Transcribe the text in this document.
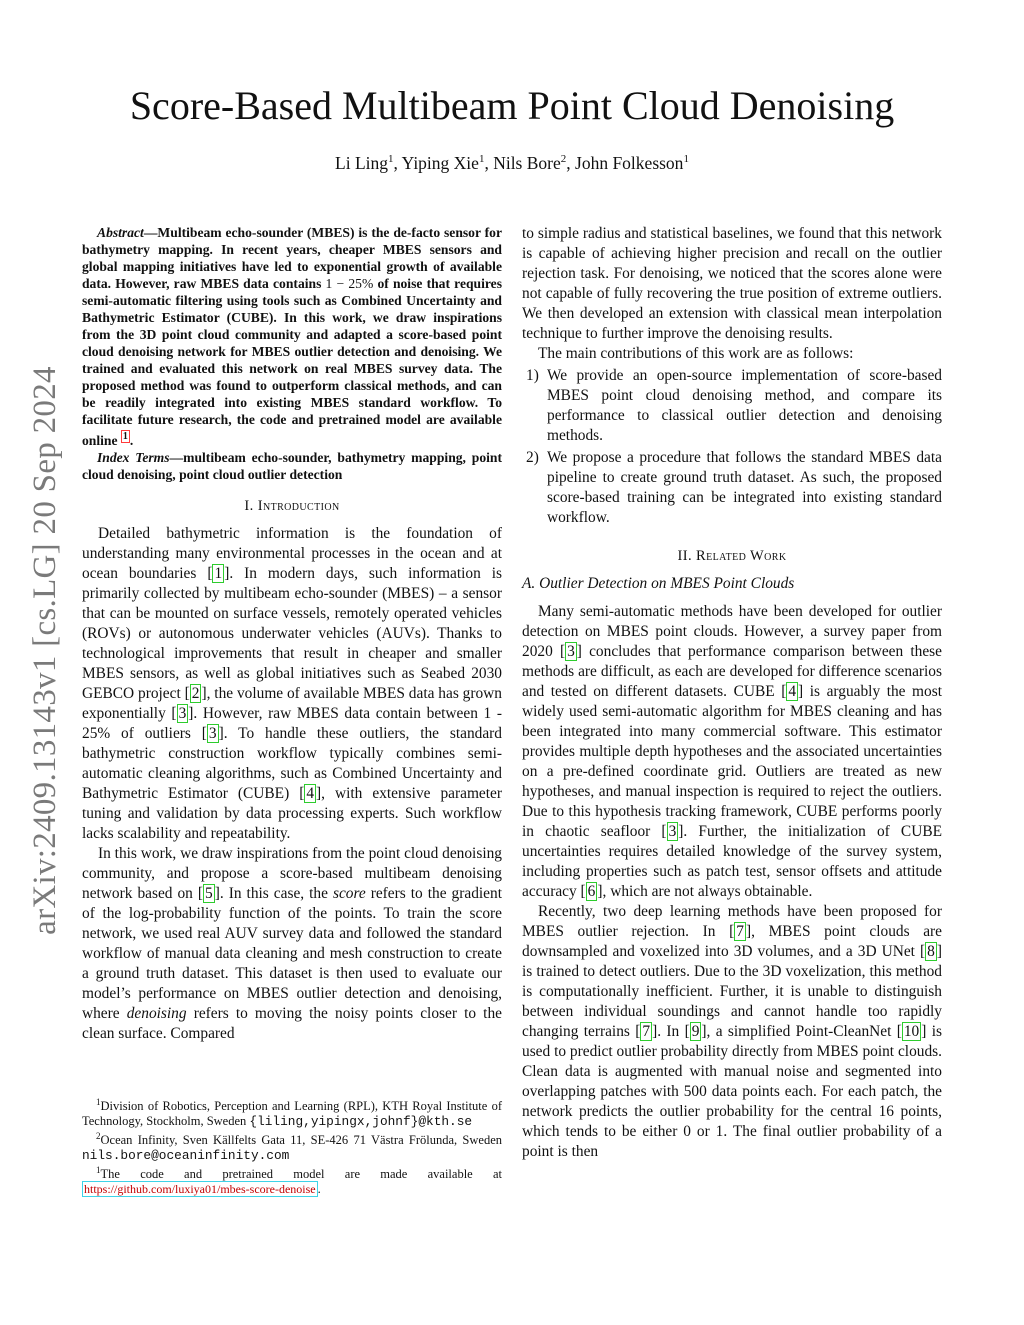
arXiv:2409.13143v1 [cs.LG] 20 Sep 2024
Score-Based Multibeam Point Cloud Denoising
Li Ling$^1$, Yiping Xie$^1$, Nils Bore$^2$, John Folkesson$^1$

Abstract—Multibeam echo-sounder (MBES) is the de-facto sensor for bathymetry mapping. In recent years, cheaper MBES sensors and global mapping initiatives have led to exponential growth of available data. However, raw MBES data contains 1 − 25% of noise that requires semi-automatic filtering using tools such as Combined Uncertainty and Bathymetric Estimator (CUBE). In this work, we draw inspirations from the 3D point cloud community and adapted a score-based point cloud denoising network for MBES outlier detection and denoising. We trained and evaluated this network on real MBES survey data. The proposed method was found to outperform classical methods, and can be readily integrated into existing MBES standard workflow. To facilitate future research, the code and pretrained model are available online $^1$ .

Index Terms—multibeam echo-sounder, bathymetry mapping, point cloud denoising, point cloud outlier detection

I. Introduction

Detailed bathymetric information is the foundation of understanding many environmental processes in the ocean and at ocean boundaries [ 1 ]. In modern days, such information is primarily collected by multibeam echo-sounder (MBES) – a sensor that can be mounted on surface vessels, remotely operated vehicles (ROVs) or autonomous underwater vehicles (AUVs). Thanks to technological improvements that result in cheaper and smaller MBES sensors, as well as global initiatives such as Seabed 2030 GEBCO project [ 2 ], the volume of available MBES data has grown exponentially [ 3 ]. However, raw MBES data contain between 1 - 25% of outliers [ 3 ]. To handle these outliers, the standard bathymetric construction workflow typically combines semi-automatic cleaning algorithms, such as Combined Uncertainty and Bathymetric Estimator (CUBE) [ 4 ], with extensive parameter tuning and validation by data processing experts. Such workflow lacks scalability and repeatability.

In this work, we draw inspirations from the point cloud denoising community, and propose a score-based multibeam denoising network based on [ 5 ]. In this case, the score refers to the gradient of the log-probability function of the points. To train the score network, we used real AUV survey data and followed the standard workflow of manual data cleaning and mesh construction to create a ground truth dataset. This dataset is then used to evaluate our model’s performance on MBES outlier detection and denoising, where denoising refers to moving the noisy points closer to the clean surface. Compared

$^1$Division of Robotics, Perception and Learning (RPL), KTH Royal Institute of Technology, Stockholm, Sweden {liling,yipingx,johnf}@kth.se

$^2$Ocean Infinity, Sven Källfelts Gata 11, SE-426 71 Västra Frölunda, Sweden nils.bore@oceaninfinity.com

$^1$The code and pretrained model are made available at https://github.com/luxiya01/mbes-score-denoise .

to simple radius and statistical baselines, we found that this network is capable of achieving higher precision and recall on the outlier rejection task. For denoising, we noticed that the scores alone were not capable of fully recovering the true position of extreme outliers. We then developed an extension with classical mean interpolation technique to further improve the denoising results.

The main contributions of this work are as follows:

1) We provide an open-source implementation of score-based MBES point cloud denoising method, and compare its performance to classical outlier detection and denoising methods.
2) We propose a procedure that follows the standard MBES data pipeline to create ground truth dataset. As such, the proposed score-based training can be integrated into existing standard workflow.
II. Related Work
A. Outlier Detection on MBES Point Clouds

Many semi-automatic methods have been developed for outlier detection on MBES point clouds. However, a survey paper from 2020 [ 3 ] concludes that performance comparison between these methods are difficult, as each are developed for difference scenarios and tested on different datasets. CUBE [ 4 ] is arguably the most widely used semi-automatic algorithm for MBES cleaning and has been integrated into many commercial software. This estimator provides multiple depth hypotheses and the associated uncertainties on a pre-defined coordinate grid. Outliers are treated as new hypotheses, and manual inspection is required to reject the outliers. Due to this hypothesis tracking framework, CUBE performs poorly in chaotic seafloor [ 3 ]. Further, the initialization of CUBE uncertainties requires detailed knowledge of the survey system, including properties such as patch test, sensor offsets and attitude accuracy [ 6 ], which are not always obtainable.

Recently, two deep learning methods have been proposed for MBES outlier rejection. In [ 7 ], MBES point clouds are downsampled and voxelized into 3D volumes, and a 3D UNet [ 8 ] is trained to detect outliers. Due to the 3D voxelization, this method is computationally inefficient. Further, it is unable to distinguish between individual soundings and cannot handle too rapidly changing terrains [ 7 ]. In [ 9 ], a simplified Point-CleanNet [ 10 ] is used to predict outlier probability directly from MBES point clouds. Clean data is augmented with manual noise and segmented into overlapping patches with 500 data points each. For each patch, the network predicts the outlier probability for the central 16 points, which tends to be either 0 or 1. The final outlier probability of a point is then
